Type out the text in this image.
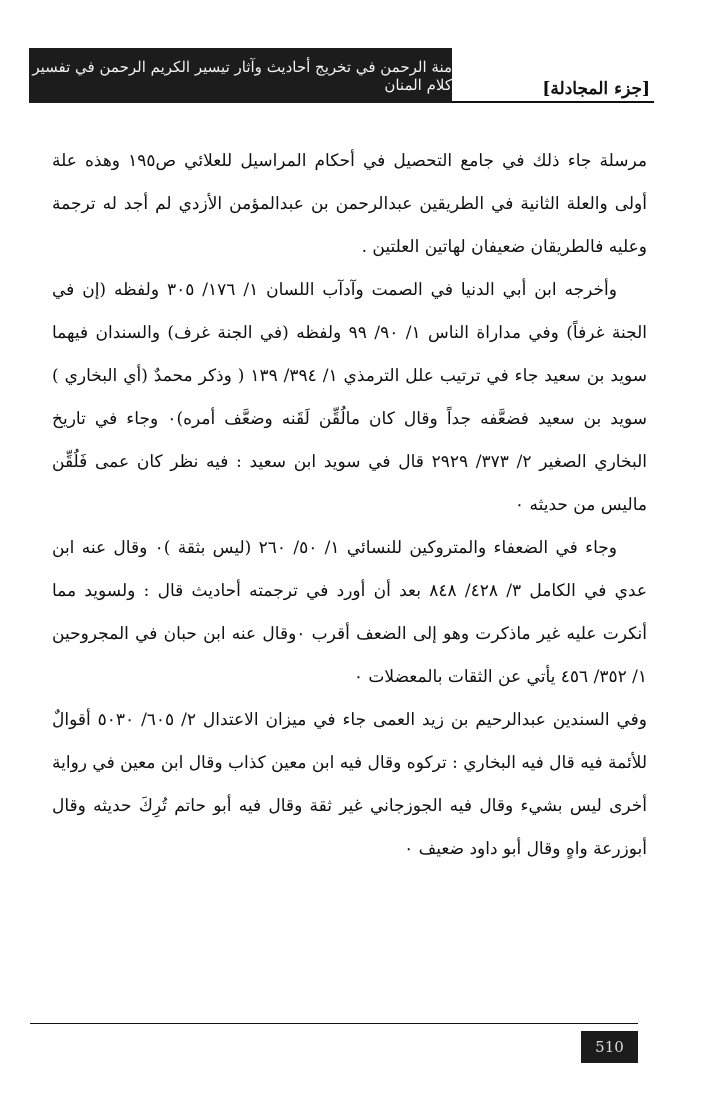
منة الرحمن في تخريج أحاديث وآثار تيسير الكريم الرحمن في تفسير كلام المنان	[جزء المجادلة]

مرسلة جاء ذلك في جامع التحصيل في أحكام المراسيل للعلائي ص١٩٥ وهذه علة أولى والعلة الثانية في الطريقين عبدالرحمن بن عبدالمؤمن الأزدي لم أجد له ترجمة وعليه فالطريقان ضعيفان لهاتين العلتين .

وأخرجه ابن أبي الدنيا في الصمت وآدآب اللسان ١/ ١٧٦/ ٣٠٥ ولفظه (إن في الجنة غرفاً) وفي مداراة الناس ١/ ٩٠/ ٩٩ ولفظه (في الجنة غرف) والسندان فيهما سويد بن سعيد جاء في ترتيب علل الترمذي ١/ ٣٩٤/ ١٣٩ ( وذكر محمدٌ (أي البخاري ) سويد بن سعيد فضعَّفه جداً وقال كان مالُقِّن لَقَنه وضعَّف أمره)٠ وجاء في تاريخ البخاري الصغير ٢/ ٣٧٣/ ٢٩٢٩ قال في سويد ابن سعيد : فيه نظر كان عمى فَلُقِّن ماليس من حديثه ٠

وجاء في الضعفاء والمتروكين للنسائي ١/ ٥٠/ ٢٦٠ (ليس بثقة )٠ وقال عنه ابن عدي في الكامل ٣/ ٤٢٨/ ٨٤٨ بعد أن أورد في ترجمته أحاديث قال : ولسويد مما أنكرت عليه غير ماذكرت وهو إلى الضعف أقرب ٠وقال عنه ابن حبان في المجروحين ١/ ٣٥٢/ ٤٥٦ يأتي عن الثقات بالمعضلات ٠

وفي السندين عبدالرحيم بن زيد العمى جاء في ميزان الاعتدال ٢/ ٦٠٥/ ٥٠٣٠ أقوالٌ للأئمة فيه قال فيه البخاري : تركوه وقال فيه ابن معين كذاب وقال ابن معين في رواية أخرى ليس بشيء وقال فيه الجوزجاني غير ثقة وقال فيه أبو حاتم تُرِكَ حديثه وقال أبوزرعة واهٍ وقال أبو داود ضعيف ٠

510
